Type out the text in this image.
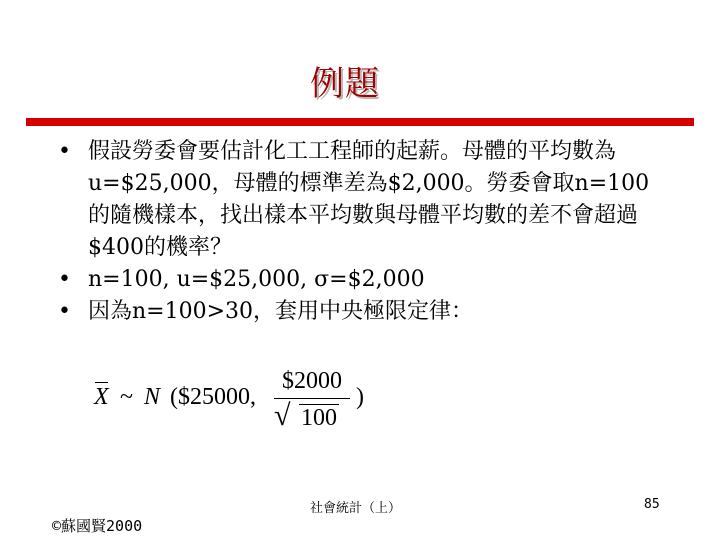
例題
• 假設勞委會要估計化工工程師的起薪。母體的平均數為u=$25,000，母體的標準差為$2,000。勞委會取n=100的隨機樣本，找出樣本平均數與母體平均數的差不會超過$400的機率？
• n=100, u=$25,000, σ=$2,000
• 因為n=100>30，套用中央極限定律：
X ~ N ($25000,
$2000
√ 100
)
社會統計（上）	85
©蘇國賢2000
